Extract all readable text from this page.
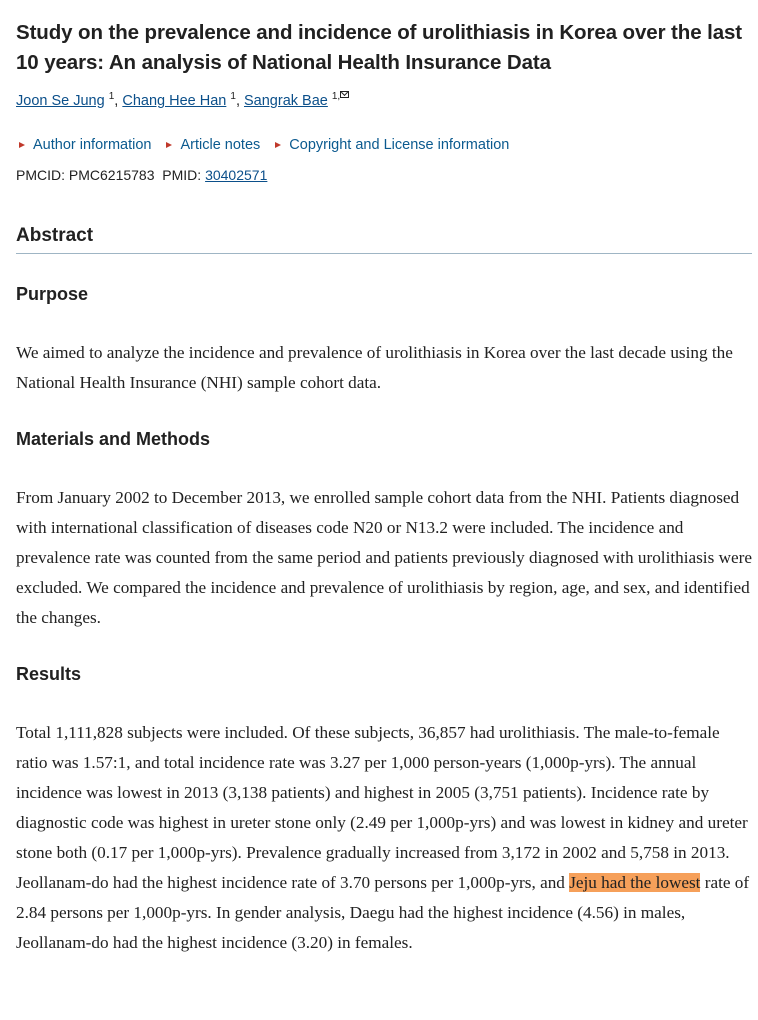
Study on the prevalence and incidence of urolithiasis in Korea over the last 10 years: An analysis of National Health Insurance Data
Joon Se Jung $^1$, Chang Hee Han $^1$, Sangrak Bae $^{1,}$
Author information Article notes Copyright and License information
PMCID: PMC6215783 PMID: 30402571
Abstract
Purpose

We aimed to analyze the incidence and prevalence of urolithiasis in Korea over the last decade using the National Health Insurance (NHI) sample cohort data.

Materials and Methods

From January 2002 to December 2013, we enrolled sample cohort data from the NHI. Patients diagnosed with international classification of diseases code N20 or N13.2 were included. The incidence and prevalence rate was counted from the same period and patients previously diagnosed with urolithiasis were excluded. We compared the incidence and prevalence of urolithiasis by region, age, and sex, and identified the changes.

Results

Total 1,111,828 subjects were included. Of these subjects, 36,857 had urolithiasis. The male-to-female ratio was 1.57:1, and total incidence rate was 3.27 per 1,000 person-years (1,000p-yrs). The annual incidence was lowest in 2013 (3,138 patients) and highest in 2005 (3,751 patients). Incidence rate by diagnostic code was highest in ureter stone only (2.49 per 1,000p-yrs) and was lowest in kidney and ureter stone both (0.17 per 1,000p-yrs). Prevalence gradually increased from 3,172 in 2002 and 5,758 in 2013. Jeollanam-do had the highest incidence rate of 3.70 persons per 1,000p-yrs, and Jeju had the lowest rate of 2.84 persons per 1,000p-yrs. In gender analysis, Daegu had the highest incidence (4.56) in males, Jeollanam-do had the highest incidence (3.20) in females.
